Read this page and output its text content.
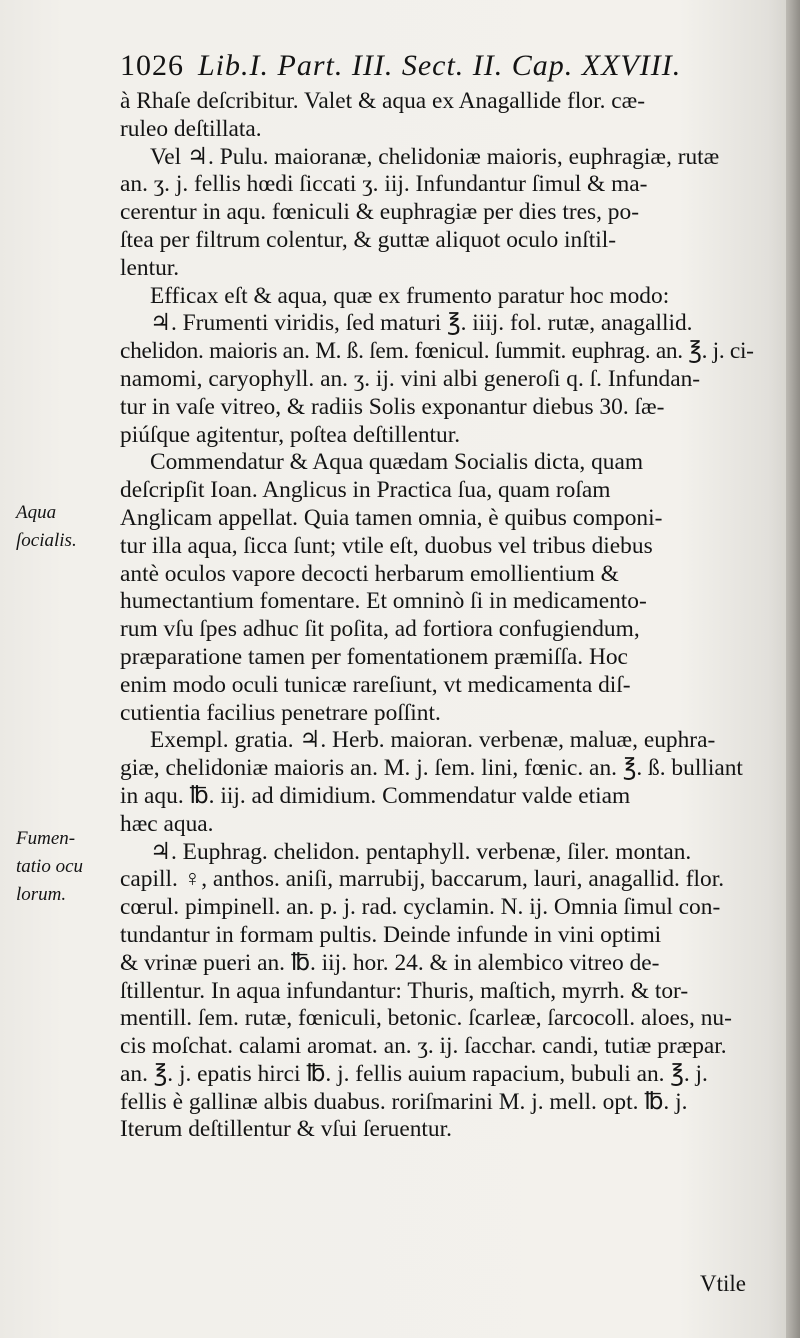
1026 Lib.I. Part. III. Sect. II. Cap. XXVIII.
à Rhaſe deſcribitur. Valet & aqua ex Anagallide flor. cæ-
ruleo deſtillata.
Vel ♃. Pulu. maioranæ, chelidoniæ maioris, euphragiæ, rutæ
an. ʒ. j. fellis hœdi ſiccati ʒ. iij. Infundantur ſimul & ma-
cerentur in aqu. fœniculi & euphragiæ per dies tres, po-
ſtea per filtrum colentur, & guttæ aliquot oculo inſtil-
lentur.
Efficax eſt & aqua, quæ ex frumento paratur hoc modo:
♃. Frumenti viridis, ſed maturi ℥. iiij. fol. rutæ, anagallid.
chelidon. maioris an. M. ß. ſem. fœnicul. ſummit. euphrag. an. ℥. j. ci-
namomi, caryophyll. an. ʒ. ij. vini albi generoſi q. ſ. Infundan-
tur in vaſe vitreo, & radiis Solis exponantur diebus 30. ſæ-
piúſque agitentur, poſtea deſtillentur.
Commendatur & Aqua quædam Socialis dicta, quam
deſcripſit Ioan. Anglicus in Practica ſua, quam roſam
Anglicam appellat. Quia tamen omnia, è quibus componi-
tur illa aqua, ſicca ſunt; vtile eſt, duobus vel tribus diebus
antè oculos vapore decocti herbarum emollientium &
humectantium fomentare. Et omninò ſi in medicamento-
rum vſu ſpes adhuc ſit poſita, ad fortiora confugiendum,
præparatione tamen per fomentationem præmiſſa. Hoc
enim modo oculi tunicæ rareſiunt, vt medicamenta diſ-
cutientia facilius penetrare poſſint.
Exempl. gratia. ♃. Herb. maioran. verbenæ, maluæ, euphra-
giæ, chelidoniæ maioris an. M. j. ſem. lini, fœnic. an. ℥. ß. bulliant
in aqu. ℔. iij. ad dimidium. Commendatur valde etiam
hæc aqua.
♃. Euphrag. chelidon. pentaphyll. verbenæ, ſiler. montan.
capill. ♀, anthos. aniſi, marrubij, baccarum, lauri, anagallid. flor.
cœrul. pimpinell. an. p. j. rad. cyclamin. N. ij. Omnia ſimul con-
tundantur in formam pultis. Deinde infunde in vini optimi
& vrinæ pueri an. ℔. iij. hor. 24. & in alembico vitreo de-
ſtillentur. In aqua infundantur: Thuris, maſtich, myrrh. & tor-
mentill. ſem. rutæ, fœniculi, betonic. ſcarleæ, ſarcocoll. aloes, nu-
cis moſchat. calami aromat. an. ʒ. ij. ſacchar. candi, tutiæ præpar.
an. ℥. j. epatis hirci ℔. j. fellis auium rapacium, bubuli an. ℥. j.
fellis è gallinæ albis duabus. roriſmarini M. j. mell. opt. ℔. j.
Iterum deſtillentur & vſui ſeruentur.
Aqua
ſocialis.
Fumen-
tatio ocu
lorum.
Vtile
